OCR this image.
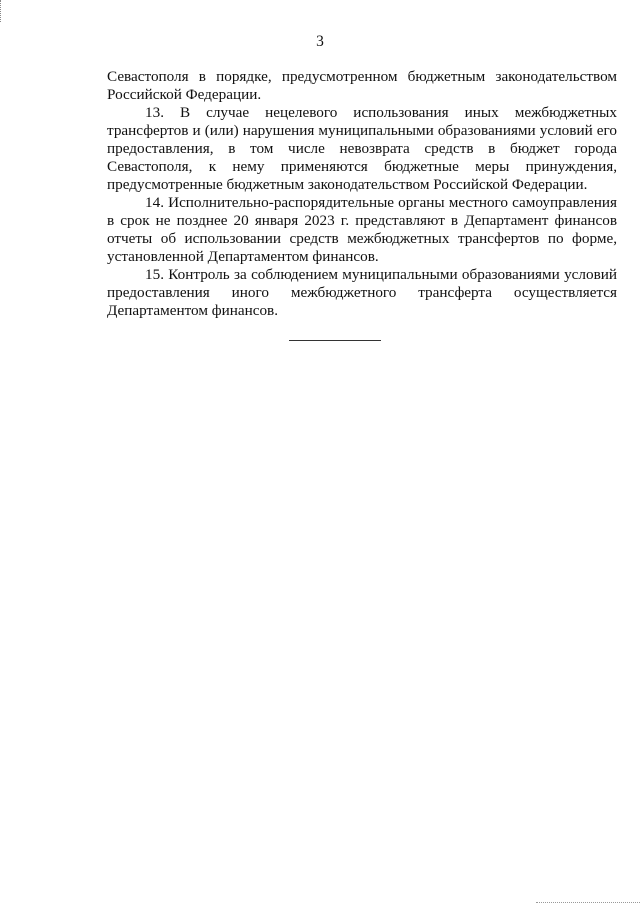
3

Севастополя в порядке, предусмотренном бюджетным законодательством Российской Федерации.

13. В случае нецелевого использования иных межбюджетных трансфертов и (или) нарушения муниципальными образованиями условий его предоставления, в том числе невозврата средств в бюджет города Севастополя, к нему применяются бюджетные меры принуждения, предусмотренные бюджетным законодательством Российской Федерации.

14. Исполнительно-распорядительные органы местного самоуправления в срок не позднее 20 января 2023 г. представляют в Департамент финансов отчеты об использовании средств межбюджетных трансфертов по форме, установленной Департаментом финансов.

15. Контроль за соблюдением муниципальными образованиями условий предоставления иного межбюджетного трансферта осуществляется Департаментом финансов.
